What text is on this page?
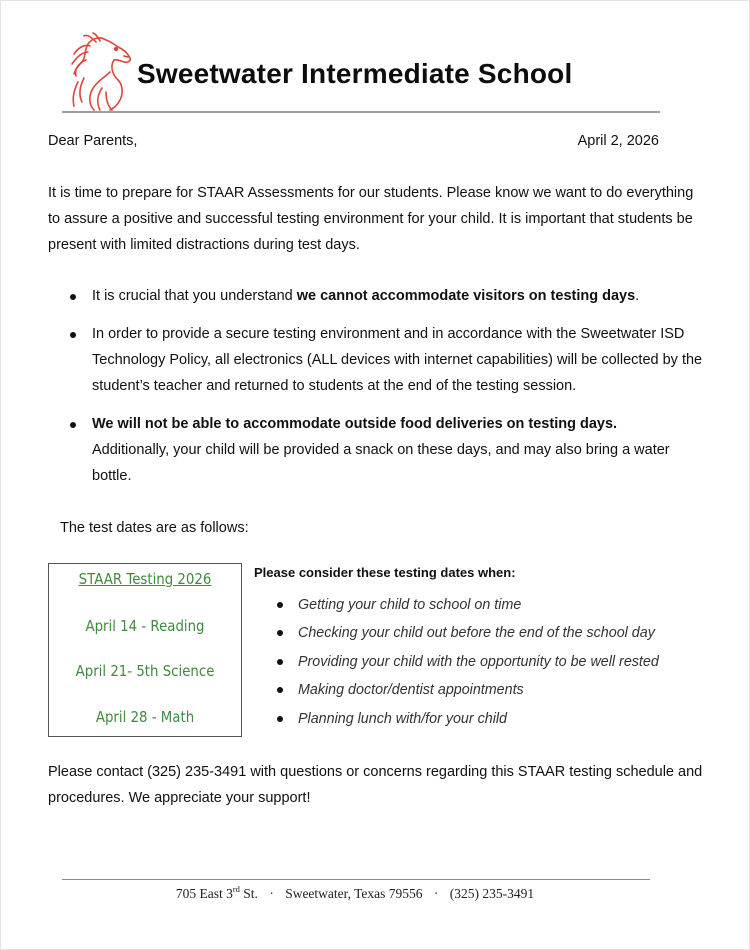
Sweetwater Intermediate School
Dear Parents,	April 2, 2026

It is time to prepare for STAAR Assessments for our students. Please know we want to do everything to assure a positive and successful testing environment for your child. It is important that students be present with limited distractions during test days.

It is crucial that you understand we cannot accommodate visitors on testing days.
In order to provide a secure testing environment and in accordance with the Sweetwater ISD Technology Policy, all electronics (ALL devices with internet capabilities) will be collected by the student’s teacher and returned to students at the end of the testing session.
We will not be able to accommodate outside food deliveries on testing days.
Additionally, your child will be provided a snack on these days, and may also bring a water bottle.
The test dates are as follows:
STAAR Testing 2026
April 14 - Reading
April 21- 5th Science
April 28 - Math
Please consider these testing dates when:
Getting your child to school on time
Checking your child out before the end of the school day
Providing your child with the opportunity to be well rested
Making doctor/dentist appointments
Planning lunch with/for your child

Please contact (325) 235-3491 with questions or concerns regarding this STAAR testing schedule and procedures. We appreciate your support!

705 East 3rd St. · Sweetwater, Texas 79556 · (325) 235-3491
